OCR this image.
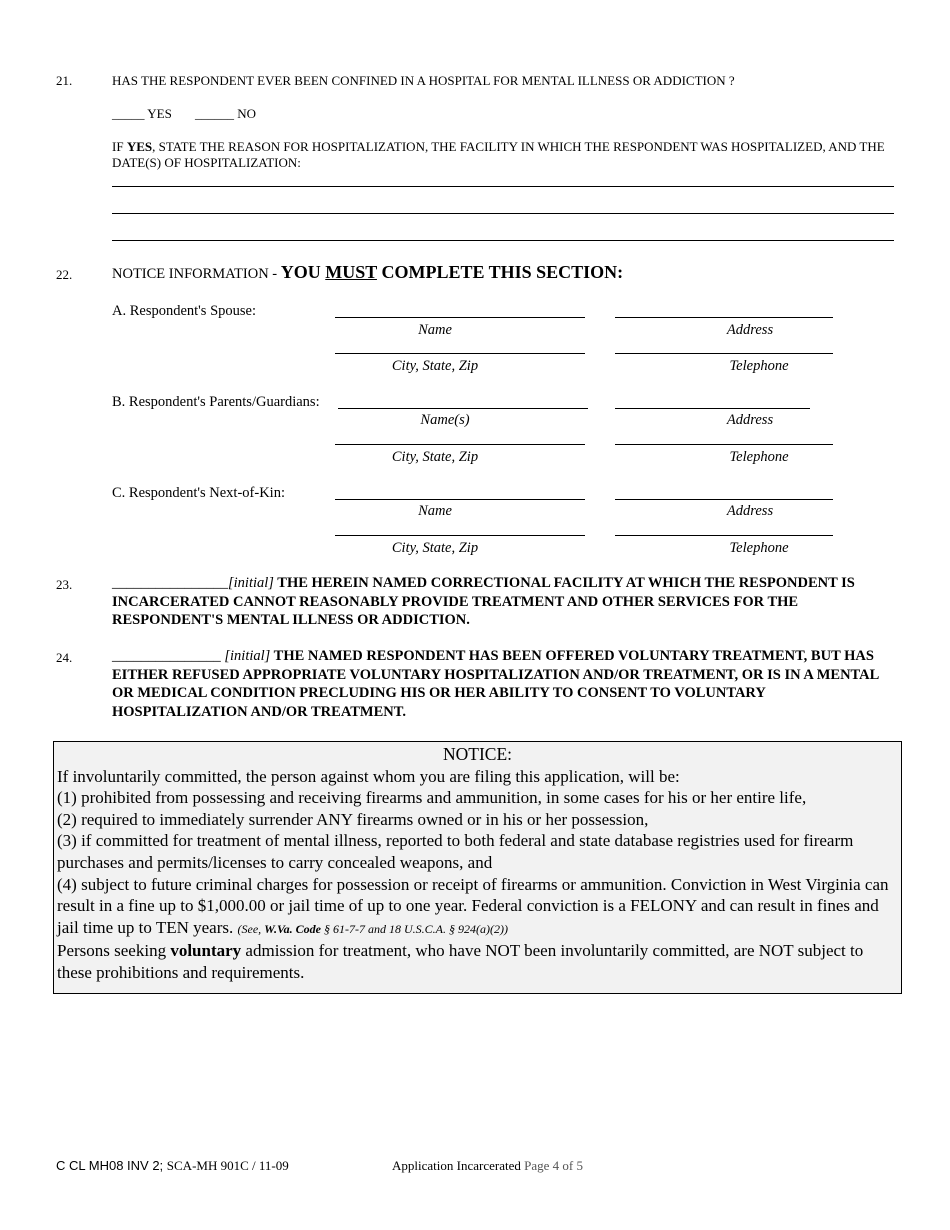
21.	HAS THE RESPONDENT EVER BEEN CONFINED IN A HOSPITAL FOR MENTAL ILLNESS OR ADDICTION ?
_____ YES ______ NO
IF YES, STATE THE REASON FOR HOSPITALIZATION, THE FACILITY IN WHICH THE RESPONDENT WAS HOSPITALIZED, AND THE DATE(S) OF HOSPITALIZATION:
22.	NOTICE INFORMATION - YOU MUST COMPLETE THIS SECTION:
A. Respondent's Spouse:
Name	Address
City, State, Zip	Telephone
B. Respondent's Parents/Guardians:
Name(s)	Address
City, State, Zip	Telephone
C. Respondent's Next-of-Kin:
Name	Address
City, State, Zip	Telephone
23.	________________[initial] THE HEREIN NAMED CORRECTIONAL FACILITY AT WHICH THE RESPONDENT IS INCARCERATED CANNOT REASONABLY PROVIDE TREATMENT AND OTHER SERVICES FOR THE RESPONDENT'S MENTAL ILLNESS OR ADDICTION.
24.	_______________ [initial] THE NAMED RESPONDENT HAS BEEN OFFERED VOLUNTARY TREATMENT, BUT HAS EITHER REFUSED APPROPRIATE VOLUNTARY HOSPITALIZATION AND/OR TREATMENT, OR IS IN A MENTAL OR MEDICAL CONDITION PRECLUDING HIS OR HER ABILITY TO CONSENT TO VOLUNTARY HOSPITALIZATION AND/OR TREATMENT.
NOTICE:

If involuntarily committed, the person against whom you are filing this application, will be:

(1) prohibited from possessing and receiving firearms and ammunition, in some cases for his or her entire life,

(2) required to immediately surrender ANY firearms owned or in his or her possession,

(3) if committed for treatment of mental illness, reported to both federal and state database registries used for firearm purchases and permits/licenses to carry concealed weapons, and

(4) subject to future criminal charges for possession or receipt of firearms or ammunition. Conviction in West Virginia can result in a fine up to $1,000.00 or jail time of up to one year. Federal conviction is a FELONY and can result in fines and jail time up to TEN years. (See, W.Va. Code § 61-7-7 and 18 U.S.C.A. § 924(a)(2))

Persons seeking voluntary admission for treatment, who have NOT been involuntarily committed, are NOT subject to these prohibitions and requirements.

C CL MH08 INV 2; SCA-MH 901C / 11-09	Application Incarcerated Page 4 of 5
